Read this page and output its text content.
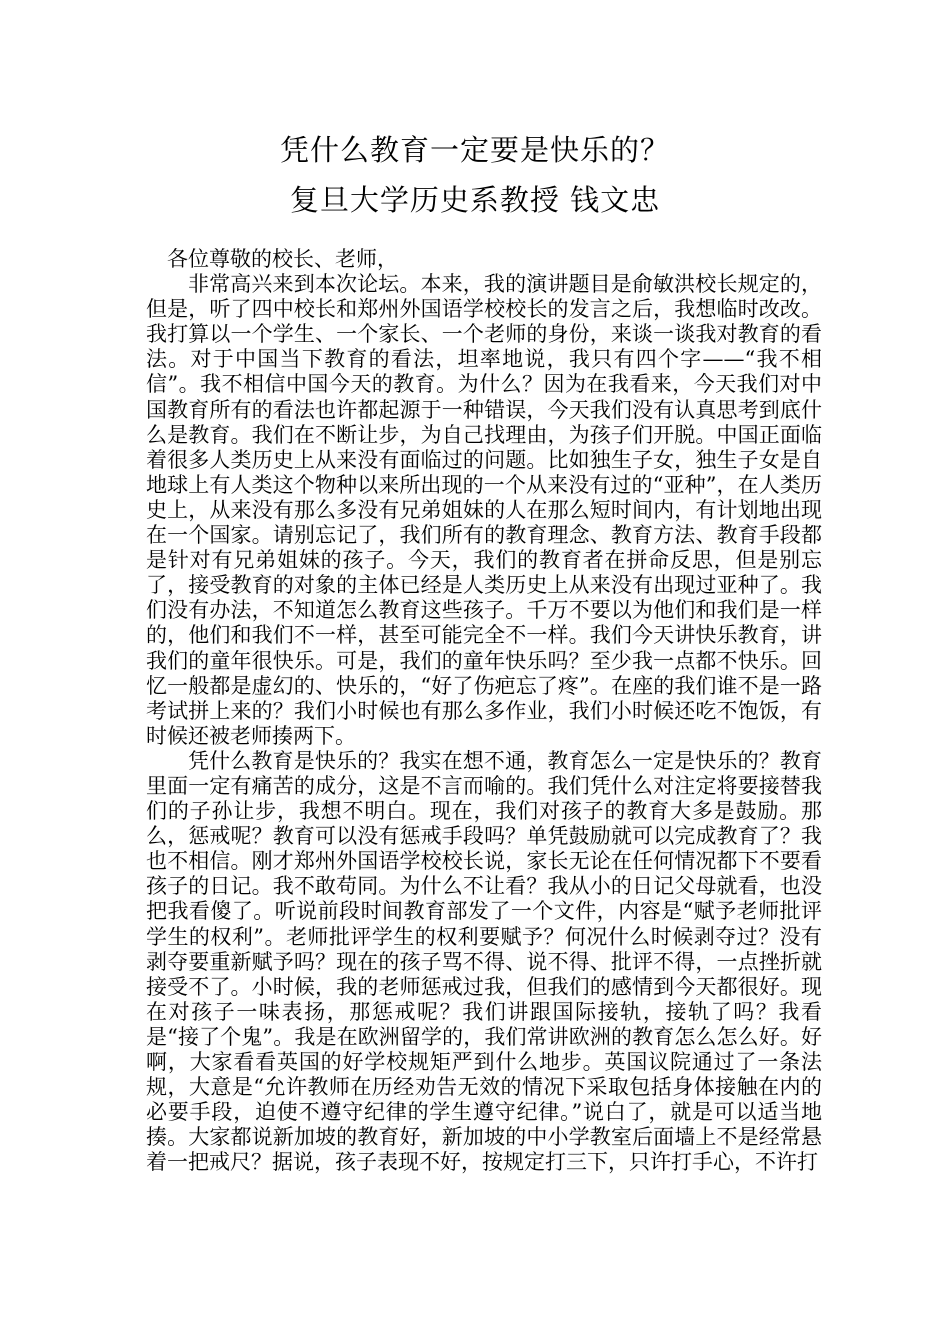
凭什么教育一定要是快乐的？
复旦大学历史系教授 钱文忠

各位尊敬的校长、老师，

非常高兴来到本次论坛。本来，我的演讲题目是俞敏洪校长规定的，但是，听了四中校长和郑州外国语学校校长的发言之后，我想临时改改。我打算以一个学生、一个家长、一个老师的身份，来谈一谈我对教育的看法。对于中国当下教育的看法，坦率地说，我只有四个字——“我不相信”。我不相信中国今天的教育。为什么？因为在我看来，今天我们对中国教育所有的看法也许都起源于一种错误，今天我们没有认真思考到底什么是教育。我们在不断让步，为自己找理由，为孩子们开脱。中国正面临着很多人类历史上从来没有面临过的问题。比如独生子女，独生子女是自地球上有人类这个物种以来所出现的一个从来没有过的“亚种”，在人类历史上，从来没有那么多没有兄弟姐妹的人在那么短时间内，有计划地出现在一个国家。请别忘记了，我们所有的教育理念、教育方法、教育手段都是针对有兄弟姐妹的孩子。今天，我们的教育者在拼命反思，但是别忘了，接受教育的对象的主体已经是人类历史上从来没有出现过亚种了。我们没有办法，不知道怎么教育这些孩子。千万不要以为他们和我们是一样的，他们和我们不一样，甚至可能完全不一样。我们今天讲快乐教育，讲我们的童年很快乐。可是，我们的童年快乐吗？至少我一点都不快乐。回忆一般都是虚幻的、快乐的，“好了伤疤忘了疼”。在座的我们谁不是一路考试拼上来的？我们小时候也有那么多作业，我们小时候还吃不饱饭，有时候还被老师揍两下。

凭什么教育是快乐的？我实在想不通，教育怎么一定是快乐的？教育里面一定有痛苦的成分，这是不言而喻的。我们凭什么对注定将要接替我们的子孙让步，我想不明白。现在，我们对孩子的教育大多是鼓励。那么，惩戒呢？教育可以没有惩戒手段吗？单凭鼓励就可以完成教育了？我也不相信。刚才郑州外国语学校校长说，家长无论在任何情况都下不要看孩子的日记。我不敢苟同。为什么不让看？我从小的日记父母就看，也没把我看傻了。听说前段时间教育部发了一个文件，内容是“赋予老师批评学生的权利”。老师批评学生的权利要赋予？何况什么时候剥夺过？没有剥夺要重新赋予吗？现在的孩子骂不得、说不得、批评不得，一点挫折就接受不了。小时候，我的老师惩戒过我，但我们的感情到今天都很好。现在对孩子一味表扬，那惩戒呢？我们讲跟国际接轨，接轨了吗？我看是“接了个鬼”。我是在欧洲留学的，我们常讲欧洲的教育怎么怎么好。好啊，大家看看英国的好学校规矩严到什么地步。英国议院通过了一条法规，大意是“允许教师在历经劝告无效的情况下采取包括身体接触在内的必要手段，迫使不遵守纪律的学生遵守纪律。”说白了，就是可以适当地揍。大家都说新加坡的教育好，新加坡的中小学教室后面墙上不是经常悬着一把戒尺？据说，孩子表现不好，按规定打三下，只许打手心，不许打
